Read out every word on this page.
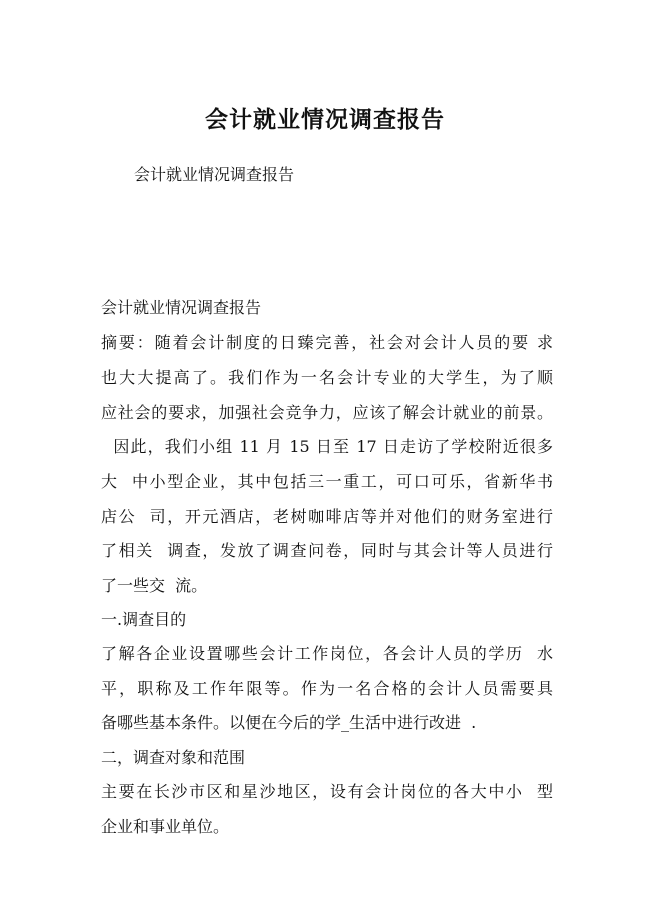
会计就业情况调查报告
会计就业情况调查报告
会计就业情况调查报告
摘要：随着会计制度的日臻完善，社会对会计人员的要 求
也大大提高了。我们作为一名会计专业的大学生，为了顺
应社会的要求，加强社会竞争力，应该了解会计就业的前景。
因此，我们小组 11 月 15 日至 17 日走访了学校附近很多
大  中小型企业，其中包括三一重工，可口可乐，省新华书
店公  司，开元酒店，老树咖啡店等并对他们的财务室进行
了相关  调查，发放了调查问卷，同时与其会计等人员进行
了一些交  流。
一.调查目的
了解各企业设置哪些会计工作岗位，各会计人员的学历  水
平，职称及工作年限等。作为一名合格的会计人员需要具
备哪些基本条件。以便在今后的学_生活中进行改进  .
二，调查对象和范围
主要在长沙市区和星沙地区，设有会计岗位的各大中小  型
企业和事业单位。
